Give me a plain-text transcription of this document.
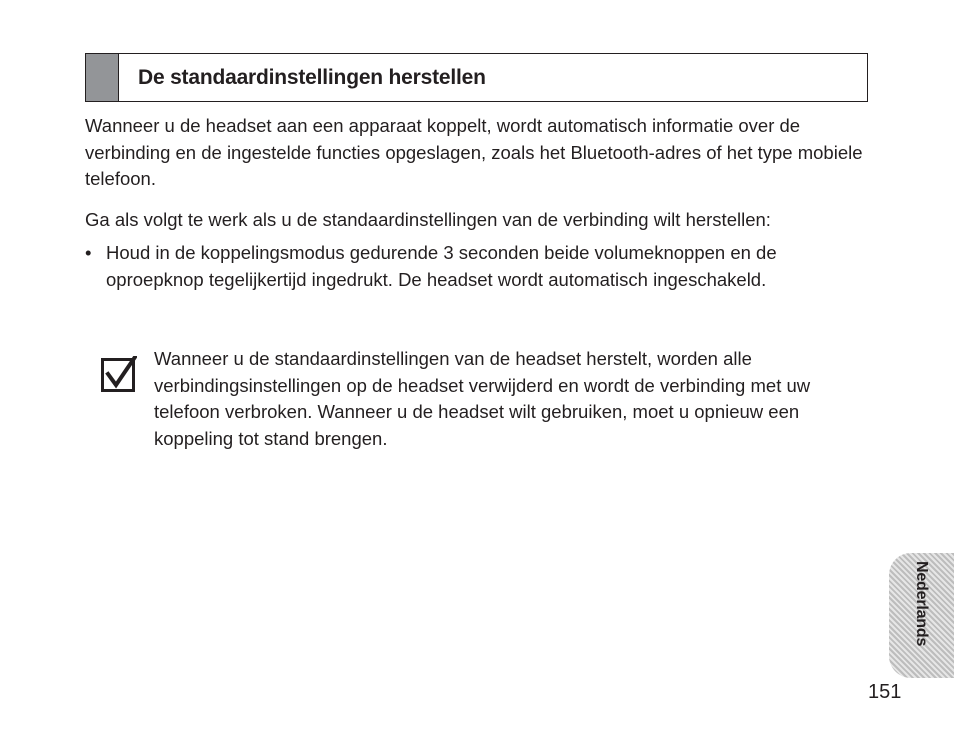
De standaardinstellingen herstellen

Wanneer u de headset aan een apparaat koppelt, wordt automatisch informatie over de verbinding en de ingestelde functies opgeslagen, zoals het Bluetooth-adres of het type mobiele telefoon.

Ga als volgt te werk als u de standaardinstellingen van de verbinding wilt herstellen:

• Houd in de koppelingsmodus gedurende 3 seconden beide volumeknoppen en de oproepknop tegelijkertijd ingedrukt. De headset wordt automatisch ingeschakeld.

Wanneer u de standaardinstellingen van de headset herstelt, worden alle verbindingsinstellingen op de headset verwijderd en wordt de verbinding met uw telefoon verbroken. Wanneer u de headset wilt gebruiken, moet u opnieuw een koppeling tot stand brengen.

Nederlands
151
